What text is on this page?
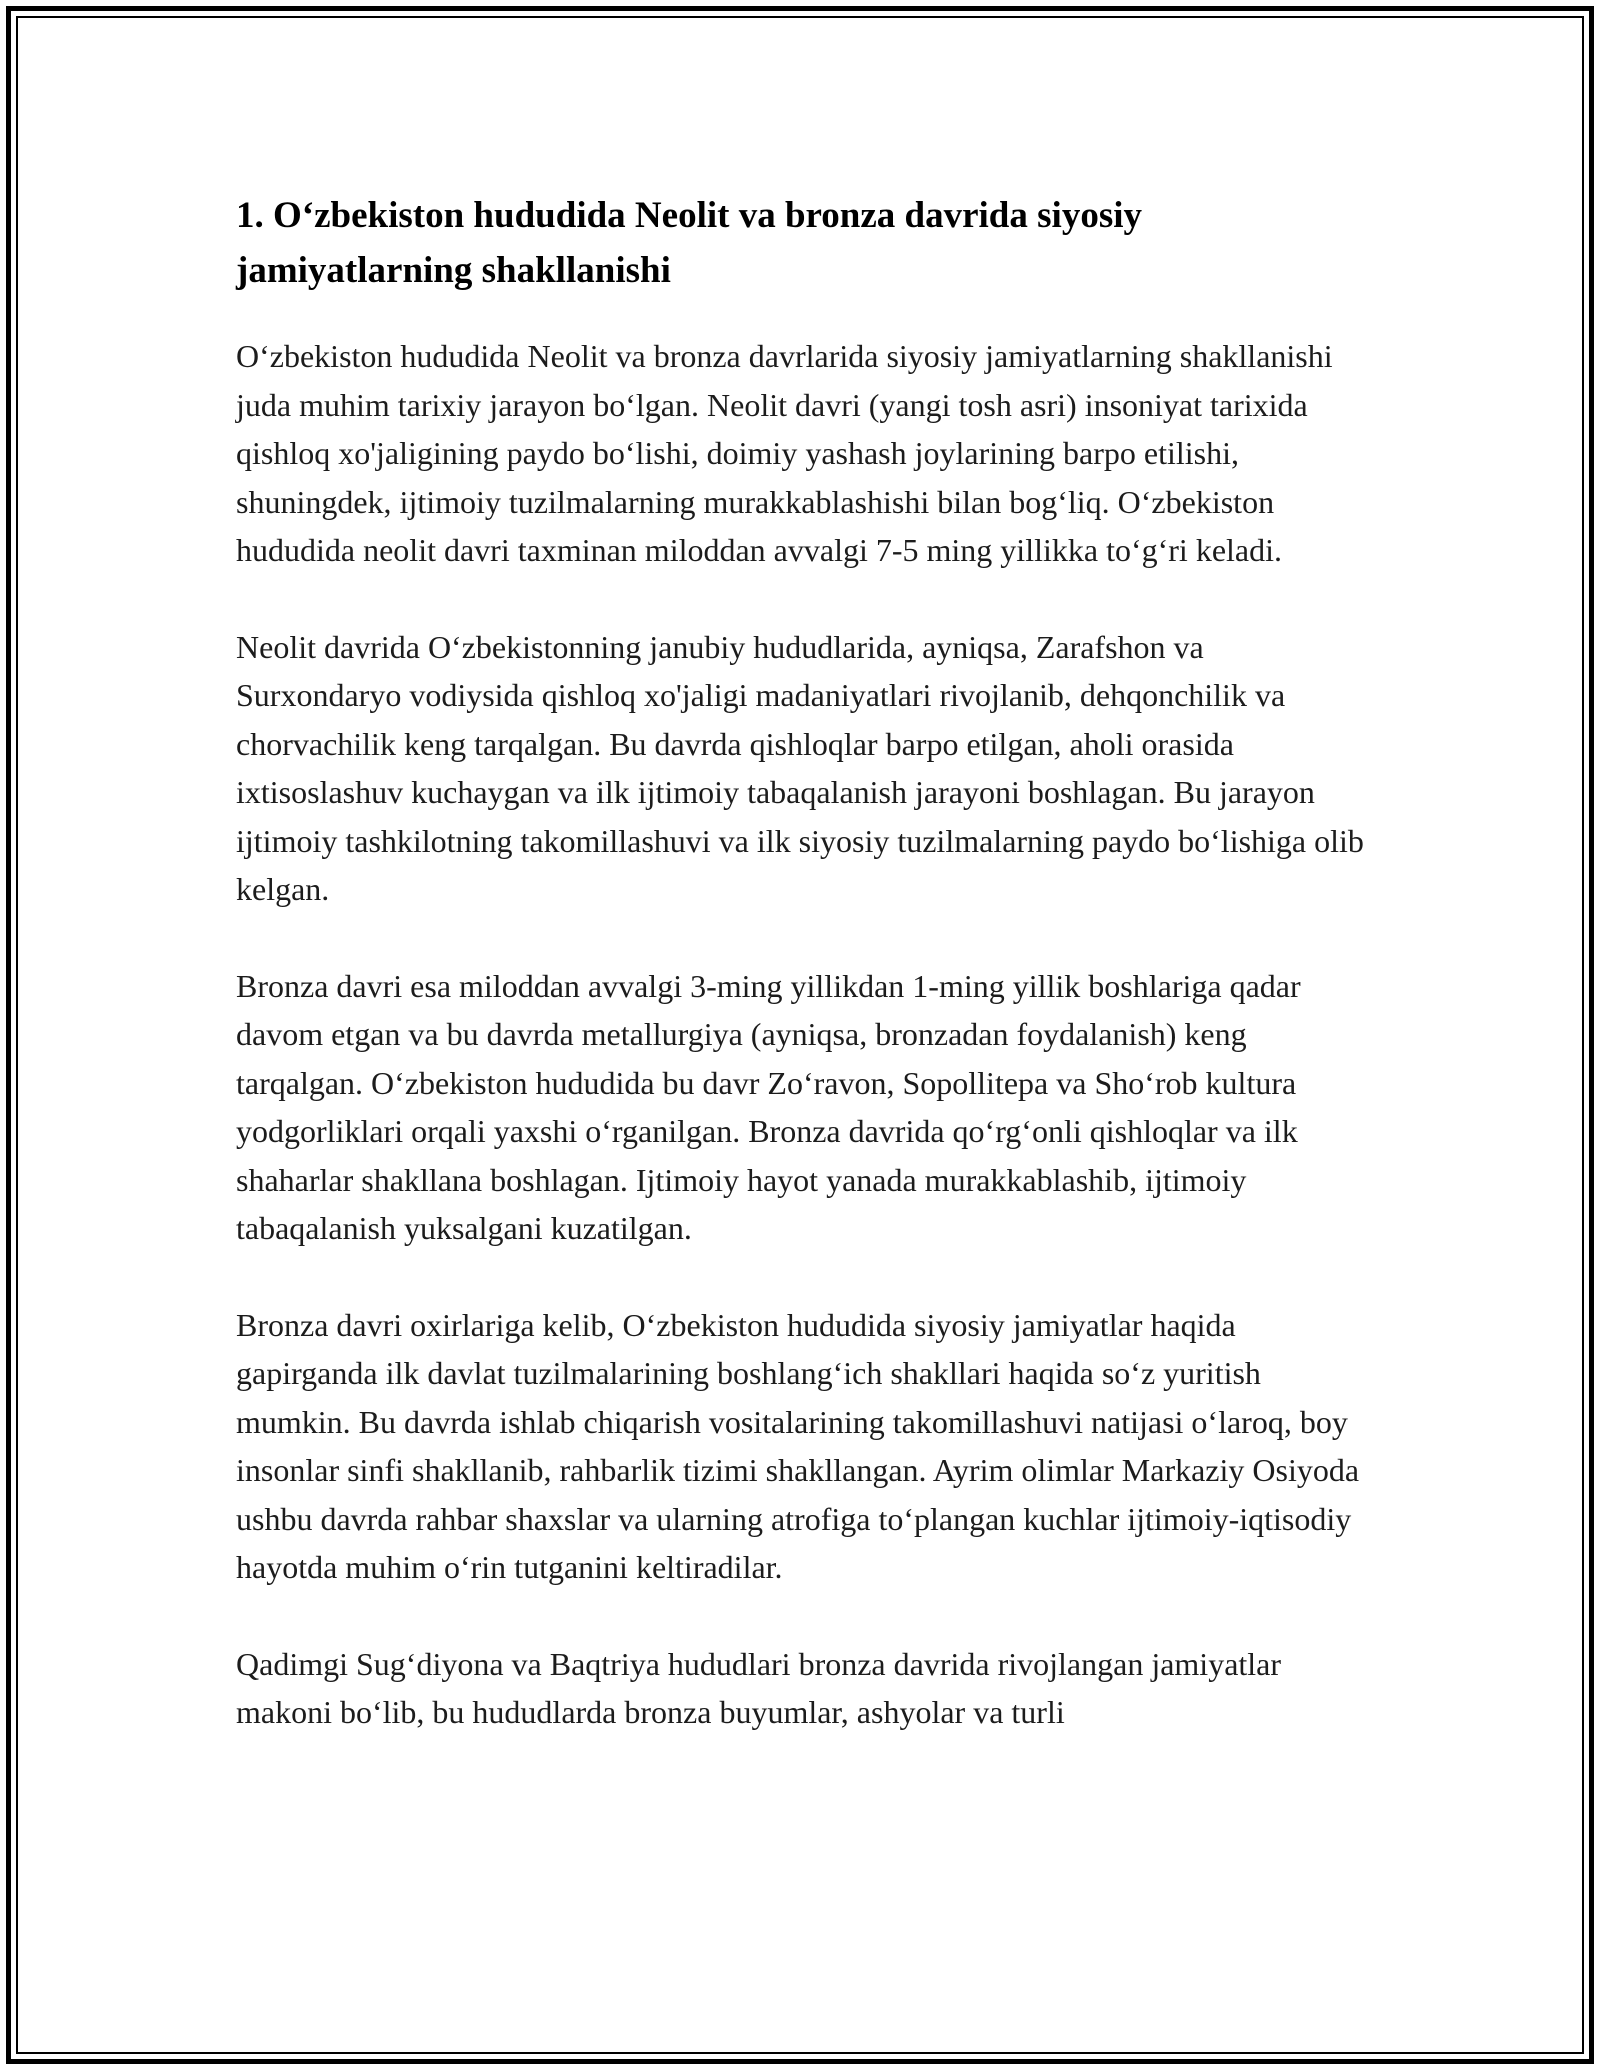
1. O‘zbekiston hududida Neolit va bronza davrida siyosiy jamiyatlarning shakllanishi

O‘zbekiston hududida Neolit va bronza davrlarida siyosiy jamiyatlarning shakllanishi juda muhim tarixiy jarayon bo‘lgan. Neolit davri (yangi tosh asri) insoniyat tarixida qishloq xo'jaligining paydo bo‘lishi, doimiy yashash joylarining barpo etilishi, shuningdek, ijtimoiy tuzilmalarning murakkablashishi bilan bog‘liq. O‘zbekiston hududida neolit davri taxminan miloddan avvalgi 7-5 ming yillikka to‘g‘ri keladi.

Neolit davrida O‘zbekistonning janubiy hududlarida, ayniqsa, Zarafshon va Surxondaryo vodiysida qishloq xo'jaligi madaniyatlari rivojlanib, dehqonchilik va chorvachilik keng tarqalgan. Bu davrda qishloqlar barpo etilgan, aholi orasida ixtisoslashuv kuchaygan va ilk ijtimoiy tabaqalanish jarayoni boshlagan. Bu jarayon ijtimoiy tashkilotning takomillashuvi va ilk siyosiy tuzilmalarning paydo bo‘lishiga olib kelgan.

Bronza davri esa miloddan avvalgi 3-ming yillikdan 1-ming yillik boshlariga qadar davom etgan va bu davrda metallurgiya (ayniqsa, bronzadan foydalanish) keng tarqalgan. O‘zbekiston hududida bu davr Zo‘ravon, Sopollitepa va Sho‘rob kultura yodgorliklari orqali yaxshi o‘rganilgan. Bronza davrida qo‘rg‘onli qishloqlar va ilk shaharlar shakllana boshlagan. Ijtimoiy hayot yanada murakkablashib, ijtimoiy tabaqalanish yuksalgani kuzatilgan.

Bronza davri oxirlariga kelib, O‘zbekiston hududida siyosiy jamiyatlar haqida gapirganda ilk davlat tuzilmalarining boshlang‘ich shakllari haqida so‘z yuritish mumkin. Bu davrda ishlab chiqarish vositalarining takomillashuvi natijasi o‘laroq, boy insonlar sinfi shakllanib, rahbarlik tizimi shakllangan. Ayrim olimlar Markaziy Osiyoda ushbu davrda rahbar shaxslar va ularning atrofiga to‘plangan kuchlar ijtimoiy-iqtisodiy hayotda muhim o‘rin tutganini keltiradilar.

Qadimgi Sug‘diyona va Baqtriya hududlari bronza davrida rivojlangan jamiyatlar makoni bo‘lib, bu hududlarda bronza buyumlar, ashyolar va turli
